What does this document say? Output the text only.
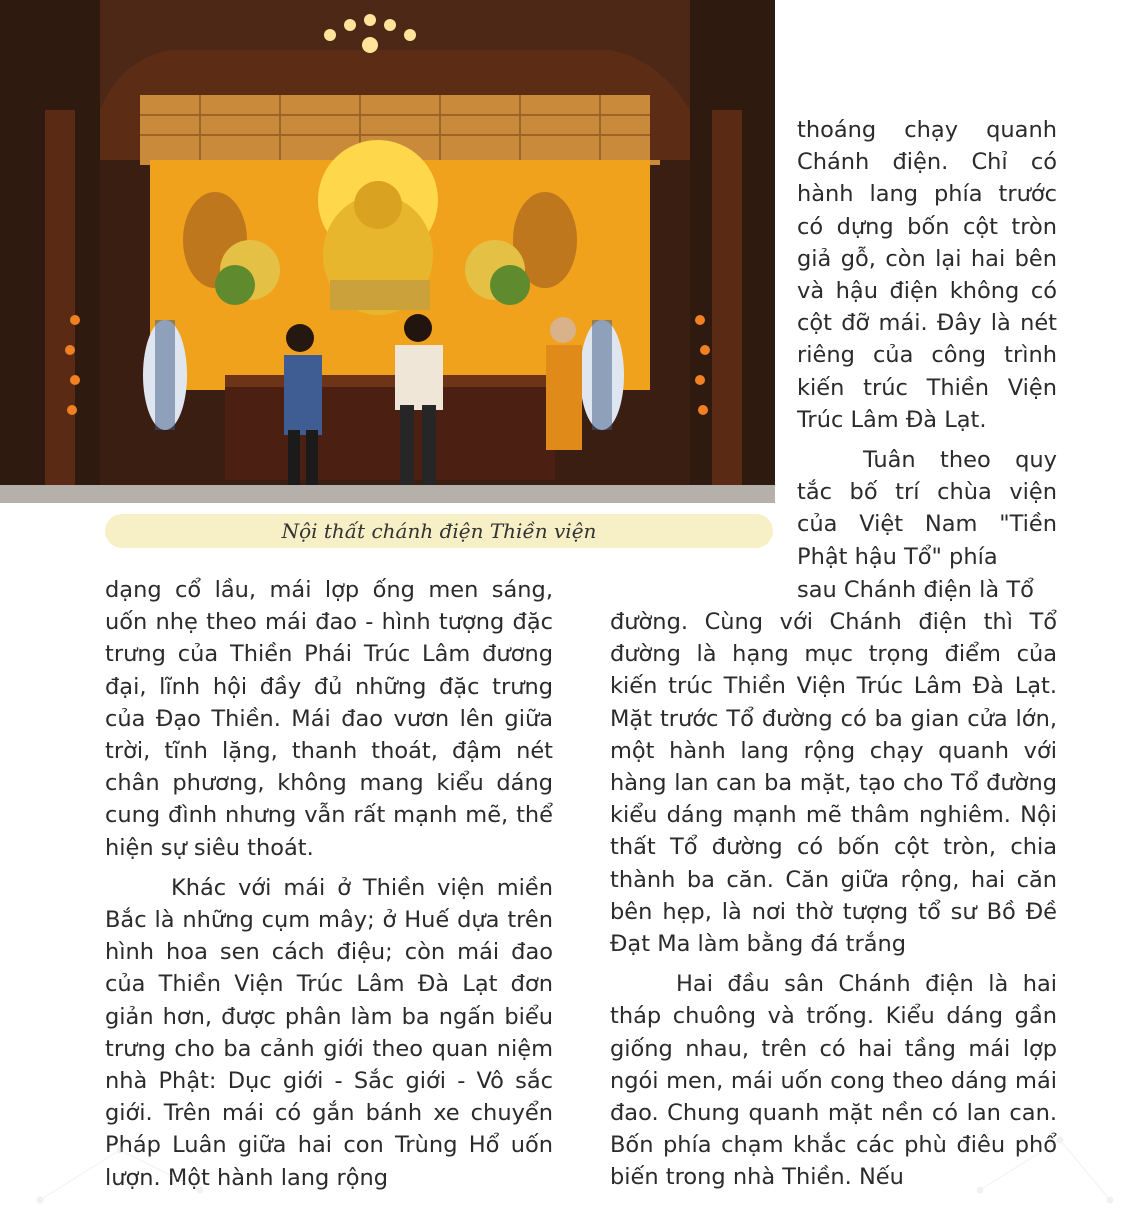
Nội thất chánh điện Thiền viện

thoáng chạy quanh Chánh điện. Chỉ có hành lang phía trước có dựng bốn cột tròn giả gỗ, còn lại hai bên và hậu điện không có cột đỡ mái. Đây là nét riêng của công trình kiến trúc Thiền Viện Trúc Lâm Đà Lạt.

Tuân theo quy tắc bố trí chùa viện của Việt Nam "Tiền Phật hậu Tổ" phía

sau Chánh điện là Tổ

dạng cổ lầu, mái lợp ống men sáng, uốn nhẹ theo mái đao - hình tượng đặc trưng của Thiền Phái Trúc Lâm đương đại, lĩnh hội đầy đủ những đặc trưng của Đạo Thiền. Mái đao vươn lên giữa trời, tĩnh lặng, thanh thoát, đậm nét chân phương, không mang kiểu dáng cung đình nhưng vẫn rất mạnh mẽ, thể hiện sự siêu thoát.

Khác với mái ở Thiền viện miền Bắc là những cụm mây; ở Huế dựa trên hình hoa sen cách điệu; còn mái đao của Thiền Viện Trúc Lâm Đà Lạt đơn giản hơn, được phân làm ba ngấn biểu trưng cho ba cảnh giới theo quan niệm nhà Phật: Dục giới - Sắc giới - Vô sắc giới. Trên mái có gắn bánh xe chuyển Pháp Luân giữa hai con Trùng Hổ uốn lượn. Một hành lang rộng

đường. Cùng với Chánh điện thì Tổ đường là hạng mục trọng điểm của kiến trúc Thiền Viện Trúc Lâm Đà Lạt. Mặt trước Tổ đường có ba gian cửa lớn, một hành lang rộng chạy quanh với hàng lan can ba mặt, tạo cho Tổ đường kiểu dáng mạnh mẽ thâm nghiêm. Nội thất Tổ đường có bốn cột tròn, chia thành ba căn. Căn giữa rộng, hai căn bên hẹp, là nơi thờ tượng tổ sư Bồ Đề Đạt Ma làm bằng đá trắng

Hai đầu sân Chánh điện là hai tháp chuông và trống. Kiểu dáng gần giống nhau, trên có hai tầng mái lợp ngói men, mái uốn cong theo dáng mái đao. Chung quanh mặt nền có lan can. Bốn phía chạm khắc các phù điêu phổ biến trong nhà Thiền. Nếu
